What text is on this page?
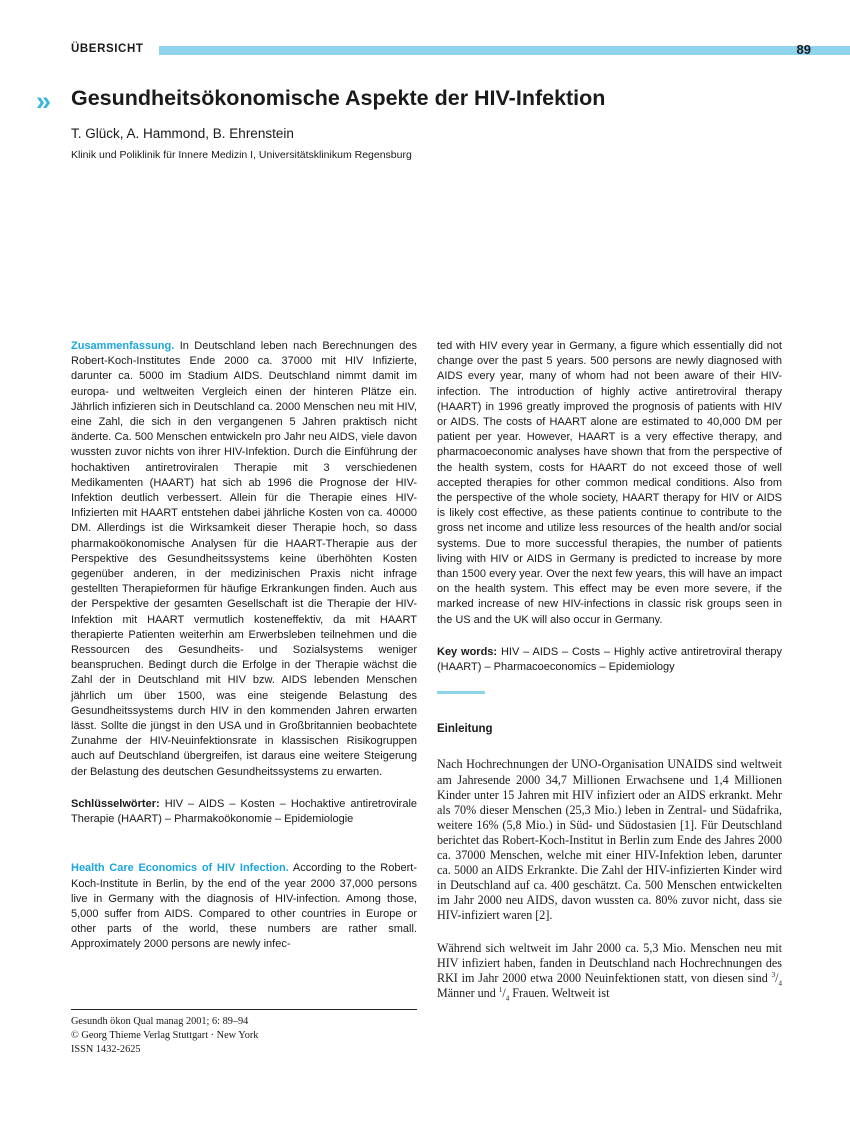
ÜBERSICHT	89
» Gesundheitsökonomische Aspekte der HIV-Infektion
T. Glück, A. Hammond, B. Ehrenstein
Klinik und Poliklinik für Innere Medizin I, Universitätsklinikum Regensburg

Zusammenfassung. In Deutschland leben nach Berechnungen des Robert-Koch-Institutes Ende 2000 ca. 37000 mit HIV Infizierte, darunter ca. 5000 im Stadium AIDS. Deutschland nimmt damit im europa- und weltweiten Vergleich einen der hinteren Plätze ein. Jährlich infizieren sich in Deutschland ca. 2000 Menschen neu mit HIV, eine Zahl, die sich in den vergangenen 5 Jahren praktisch nicht änderte. Ca. 500 Menschen entwickeln pro Jahr neu AIDS, viele davon wussten zuvor nichts von ihrer HIV-Infektion. Durch die Einführung der hochaktiven antiretroviralen Therapie mit 3 verschiedenen Medikamenten (HAART) hat sich ab 1996 die Prognose der HIV-Infektion deutlich verbessert. Allein für die Therapie eines HIV-Infizierten mit HAART entstehen dabei jährliche Kosten von ca. 40000 DM. Allerdings ist die Wirksamkeit dieser Therapie hoch, so dass pharmakoökonomische Analysen für die HAART-Therapie aus der Perspektive des Gesundheitssystems keine überhöhten Kosten gegenüber anderen, in der medizinischen Praxis nicht infrage gestellten Therapieformen für häufige Erkrankungen finden. Auch aus der Perspektive der gesamten Gesellschaft ist die Therapie der HIV-Infektion mit HAART vermutlich kosteneffektiv, da mit HAART therapierte Patienten weiterhin am Erwerbsleben teilnehmen und die Ressourcen des Gesundheits- und Sozialsystems weniger beanspruchen. Bedingt durch die Erfolge in der Therapie wächst die Zahl der in Deutschland mit HIV bzw. AIDS lebenden Menschen jährlich um über 1500, was eine steigende Belastung des Gesundheitssystems durch HIV in den kommenden Jahren erwarten lässt. Sollte die jüngst in den USA und in Großbritannien beobachtete Zunahme der HIV-Neuinfektionsrate in klassischen Risikogruppen auch auf Deutschland übergreifen, ist daraus eine weitere Steigerung der Belastung des deutschen Gesundheitssystems zu erwarten.

Schlüsselwörter: HIV – AIDS – Kosten – Hochaktive antiretrovirale Therapie (HAART) – Pharmakoökonomie – Epidemiologie

Health Care Economics of HIV Infection. According to the Robert-Koch-Institute in Berlin, by the end of the year 2000 37,000 persons live in Germany with the diagnosis of HIV-infection. Among those, 5,000 suffer from AIDS. Compared to other countries in Europe or other parts of the world, these numbers are rather small. Approximately 2000 persons are newly infec-

ted with HIV every year in Germany, a figure which essentially did not change over the past 5 years. 500 persons are newly diagnosed with AIDS every year, many of whom had not been aware of their HIV-infection. The introduction of highly active antiretroviral therapy (HAART) in 1996 greatly improved the prognosis of patients with HIV or AIDS. The costs of HAART alone are estimated to 40,000 DM per patient per year. However, HAART is a very effective therapy, and pharmacoeconomic analyses have shown that from the perspective of the health system, costs for HAART do not exceed those of well accepted therapies for other common medical conditions. Also from the perspective of the whole society, HAART therapy for HIV or AIDS is likely cost effective, as these patients continue to contribute to the gross net income and utilize less resources of the health and/or social systems. Due to more successful therapies, the number of patients living with HIV or AIDS in Germany is predicted to increase by more than 1500 every year. Over the next few years, this will have an impact on the health system. This effect may be even more severe, if the marked increase of new HIV-infections in classic risk groups seen in the US and the UK will also occur in Germany.

Key words: HIV – AIDS – Costs – Highly active antiretroviral therapy (HAART) – Pharmacoeconomics – Epidemiology

Einleitung

Nach Hochrechnungen der UNO-Organisation UNAIDS sind weltweit am Jahresende 2000 34,7 Millionen Erwachsene und 1,4 Millionen Kinder unter 15 Jahren mit HIV infiziert oder an AIDS erkrankt. Mehr als 70% dieser Menschen (25,3 Mio.) leben in Zentral- und Südafrika, weitere 16% (5,8 Mio.) in Süd- und Südostasien [1]. Für Deutschland berichtet das Robert-Koch-Institut in Berlin zum Ende des Jahres 2000 ca. 37000 Menschen, welche mit einer HIV-Infektion leben, darunter ca. 5000 an AIDS Erkrankte. Die Zahl der HIV-infizierten Kinder wird in Deutschland auf ca. 400 geschätzt. Ca. 500 Menschen entwickelten im Jahr 2000 neu AIDS, davon wussten ca. 80% zuvor nicht, dass sie HIV-infiziert waren [2].

Während sich weltweit im Jahr 2000 ca. 5,3 Mio. Menschen neu mit HIV infiziert haben, fanden in Deutschland nach Hochrechnungen des RKI im Jahr 2000 etwa 2000 Neuinfektionen statt, von diesen sind $^3/_4$ Männer und $^1/_4$ Frauen. Weltweit ist

Gesundh ökon Qual manag 2001; 6: 89–94
© Georg Thieme Verlag Stuttgart · New York
ISSN 1432-2625
